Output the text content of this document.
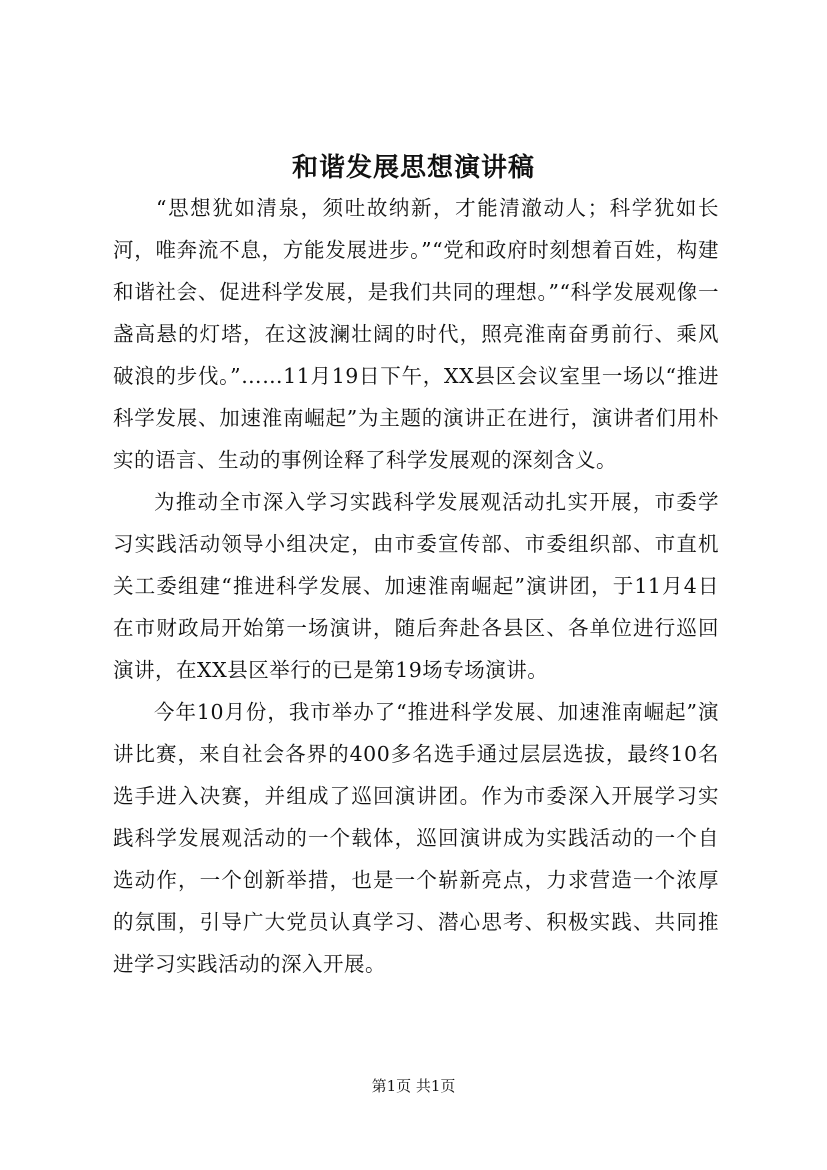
和谐发展思想演讲稿

“思想犹如清泉，须吐故纳新，才能清澈动人；科学犹如长河，唯奔流不息，方能发展进步。”“党和政府时刻想着百姓，构建和谐社会、促进科学发展，是我们共同的理想。”“科学发展观像一盏高悬的灯塔，在这波澜壮阔的时代，照亮淮南奋勇前行、乘风破浪的步伐。”……11月19日下午，XX县区会议室里一场以“推进科学发展、加速淮南崛起”为主题的演讲正在进行，演讲者们用朴实的语言、生动的事例诠释了科学发展观的深刻含义。

为推动全市深入学习实践科学发展观活动扎实开展，市委学习实践活动领导小组决定，由市委宣传部、市委组织部、市直机关工委组建“推进科学发展、加速淮南崛起”演讲团，于11月4日在市财政局开始第一场演讲，随后奔赴各县区、各单位进行巡回演讲，在XX县区举行的已是第19场专场演讲。

今年10月份，我市举办了“推进科学发展、加速淮南崛起”演讲比赛，来自社会各界的400多名选手通过层层选拔，最终10名选手进入决赛，并组成了巡回演讲团。作为市委深入开展学习实践科学发展观活动的一个载体，巡回演讲成为实践活动的一个自选动作，一个创新举措，也是一个崭新亮点，力求营造一个浓厚的氛围，引导广大党员认真学习、潜心思考、积极实践、共同推进学习实践活动的深入开展。

第1页 共1页
